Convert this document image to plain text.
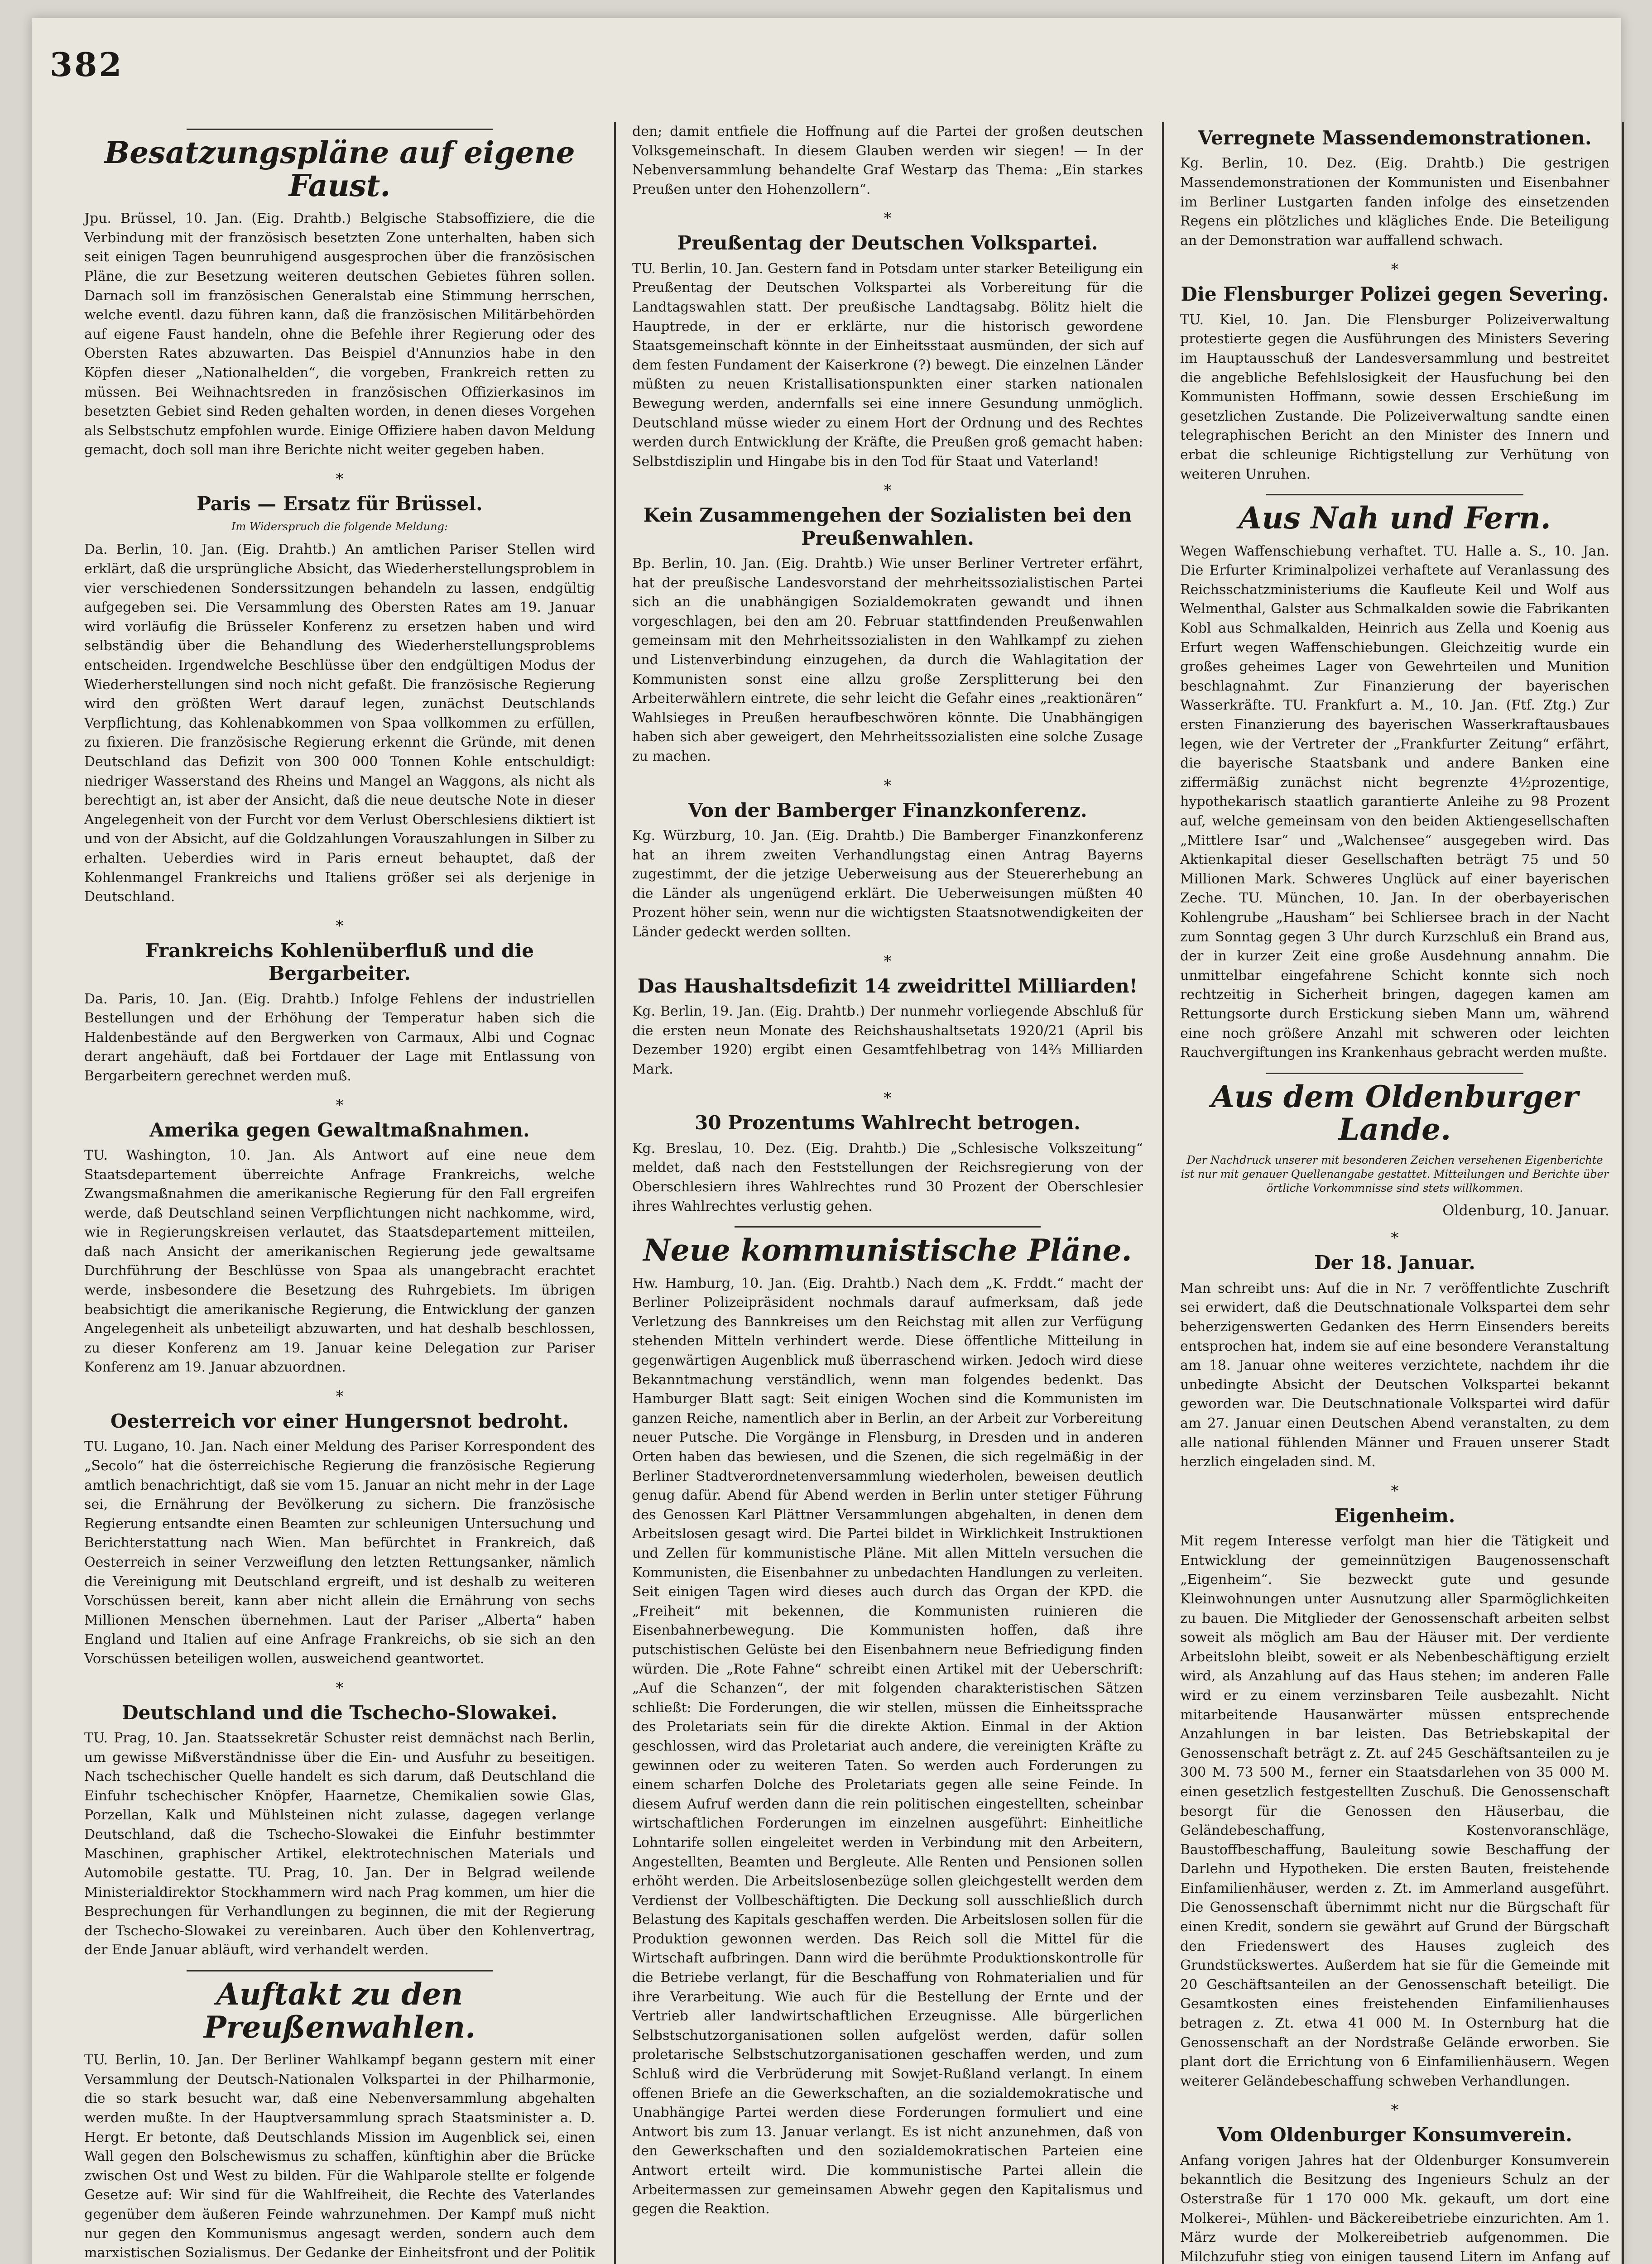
382
Besatzungspläne auf eigene Faust.

Jpu. Brüssel, 10. Jan. (Eig. Drahtb.) Belgische Stabsoffiziere, die die Verbindung mit der französisch besetzten Zone unterhalten, haben sich seit einigen Tagen beunruhigend ausgesprochen über die französischen Pläne, die zur Besetzung weiteren deutschen Gebietes führen sollen. Darnach soll im französischen Generalstab eine Stimmung herrschen, welche eventl. dazu führen kann, daß die französischen Militärbehörden auf eigene Faust handeln, ohne die Befehle ihrer Regierung oder des Obersten Rates abzuwarten. Das Beispiel d'Annunzios habe in den Köpfen dieser „Nationalhelden“, die vorgeben, Frankreich retten zu müssen. Bei Weihnachtsreden in französischen Offizierkasinos im besetzten Gebiet sind Reden gehalten worden, in denen dieses Vorgehen als Selbstschutz empfohlen wurde. Einige Offiziere haben davon Meldung gemacht, doch soll man ihre Berichte nicht weiter gegeben haben.

*
Paris — Ersatz für Brüssel.

Im Widerspruch die folgende Meldung:

Da. Berlin, 10. Jan. (Eig. Drahtb.) An amtlichen Pariser Stellen wird erklärt, daß die ursprüngliche Absicht, das Wiederherstellungsproblem in vier verschiedenen Sonderssitzungen behandeln zu lassen, endgültig aufgegeben sei. Die Versammlung des Obersten Rates am 19. Januar wird vorläufig die Brüsseler Konferenz zu ersetzen haben und wird selbständig über die Behandlung des Wiederherstellungsproblems entscheiden. Irgendwelche Beschlüsse über den endgültigen Modus der Wiederherstellungen sind noch nicht gefaßt. Die französische Regierung wird den größten Wert darauf legen, zunächst Deutschlands Verpflichtung, das Kohlenabkommen von Spaa vollkommen zu erfüllen, zu fixieren. Die französische Regierung erkennt die Gründe, mit denen Deutschland das Defizit von 300 000 Tonnen Kohle entschuldigt: niedriger Wasserstand des Rheins und Mangel an Waggons, als nicht als berechtigt an, ist aber der Ansicht, daß die neue deutsche Note in dieser Angelegenheit von der Furcht vor dem Verlust Oberschlesiens diktiert ist und von der Absicht, auf die Goldzahlungen Vorauszahlungen in Silber zu erhalten. Ueberdies wird in Paris erneut behauptet, daß der Kohlenmangel Frankreichs und Italiens größer sei als derjenige in Deutschland.

*
Frankreichs Kohlenüberfluß und die Bergarbeiter.

Da. Paris, 10. Jan. (Eig. Drahtb.) Infolge Fehlens der industriellen Bestellungen und der Erhöhung der Temperatur haben sich die Haldenbestände auf den Bergwerken von Carmaux, Albi und Cognac derart angehäuft, daß bei Fortdauer der Lage mit Entlassung von Bergarbeitern gerechnet werden muß.

*
Amerika gegen Gewaltmaßnahmen.

TU. Washington, 10. Jan. Als Antwort auf eine neue dem Staatsdepartement überreichte Anfrage Frankreichs, welche Zwangsmaßnahmen die amerikanische Regierung für den Fall ergreifen werde, daß Deutschland seinen Verpflichtungen nicht nachkomme, wird, wie in Regierungskreisen verlautet, das Staatsdepartement mitteilen, daß nach Ansicht der amerikanischen Regierung jede gewaltsame Durchführung der Beschlüsse von Spaa als unangebracht erachtet werde, insbesondere die Besetzung des Ruhrgebiets. Im übrigen beabsichtigt die amerikanische Regierung, die Entwicklung der ganzen Angelegenheit als unbeteiligt abzuwarten, und hat deshalb beschlossen, zu dieser Konferenz am 19. Januar keine Delegation zur Pariser Konferenz am 19. Januar abzuordnen.

*
Oesterreich vor einer Hungersnot bedroht.

TU. Lugano, 10. Jan. Nach einer Meldung des Pariser Korrespondent des „Secolo“ hat die österreichische Regierung die französische Regierung amtlich benachrichtigt, daß sie vom 15. Januar an nicht mehr in der Lage sei, die Ernährung der Bevölkerung zu sichern. Die französische Regierung entsandte einen Beamten zur schleunigen Untersuchung und Berichterstattung nach Wien. Man befürchtet in Frankreich, daß Oesterreich in seiner Verzweiflung den letzten Rettungsanker, nämlich die Vereinigung mit Deutschland ergreift, und ist deshalb zu weiteren Vorschüssen bereit, kann aber nicht allein die Ernährung von sechs Millionen Menschen übernehmen. Laut der Pariser „Alberta“ haben England und Italien auf eine Anfrage Frankreichs, ob sie sich an den Vorschüssen beteiligen wollen, ausweichend geantwortet.

*
Deutschland und die Tschecho-Slowakei.

TU. Prag, 10. Jan. Staatssekretär Schuster reist demnächst nach Berlin, um gewisse Mißverständnisse über die Ein- und Ausfuhr zu beseitigen. Nach tschechischer Quelle handelt es sich darum, daß Deutschland die Einfuhr tschechischer Knöpfer, Haarnetze, Chemikalien sowie Glas, Porzellan, Kalk und Mühlsteinen nicht zulasse, dagegen verlange Deutschland, daß die Tschecho-Slowakei die Einfuhr bestimmter Maschinen, graphischer Artikel, elektrotechnischen Materials und Automobile gestatte. TU. Prag, 10. Jan. Der in Belgrad weilende Ministerialdirektor Stockhammern wird nach Prag kommen, um hier die Besprechungen für Verhandlungen zu beginnen, die mit der Regierung der Tschecho-Slowakei zu vereinbaren. Auch über den Kohlenvertrag, der Ende Januar abläuft, wird verhandelt werden.

Auftakt zu den Preußenwahlen.

TU. Berlin, 10. Jan. Der Berliner Wahlkampf begann gestern mit einer Versammlung der Deutsch-Nationalen Volkspartei in der Philharmonie, die so stark besucht war, daß eine Nebenversammlung abgehalten werden mußte. In der Hauptversammlung sprach Staatsminister a. D. Hergt. Er betonte, daß Deutschlands Mission im Augenblick sei, einen Wall gegen den Bolschewismus zu schaffen, künftighin aber die Brücke zwischen Ost und West zu bilden. Für die Wahlparole stellte er folgende Gesetze auf: Wir sind für die Wahlfreiheit, die Rechte des Vaterlandes gegenüber dem äußeren Feinde wahrzunehmen. Der Kampf muß nicht nur gegen den Kommunismus angesagt werden, sondern auch dem marxistischen Sozialismus. Der Gedanke der Einheitsfront und der Politik

den; damit entfiele die Hoffnung auf die Partei der großen deutschen Volksgemeinschaft. In diesem Glauben werden wir siegen! — In der Nebenversammlung behandelte Graf Westarp das Thema: „Ein starkes Preußen unter den Hohenzollern“.

*
Preußentag der Deutschen Volkspartei.

TU. Berlin, 10. Jan. Gestern fand in Potsdam unter starker Beteiligung ein Preußentag der Deutschen Volkspartei als Vorbereitung für die Landtagswahlen statt. Der preußische Landtagsabg. Bölitz hielt die Hauptrede, in der er erklärte, nur die historisch gewordene Staatsgemeinschaft könnte in der Einheitsstaat ausmünden, der sich auf dem festen Fundament der Kaiserkrone (?) bewegt. Die einzelnen Länder müßten zu neuen Kristallisationspunkten einer starken nationalen Bewegung werden, andernfalls sei eine innere Gesundung unmöglich. Deutschland müsse wieder zu einem Hort der Ordnung und des Rechtes werden durch Entwicklung der Kräfte, die Preußen groß gemacht haben: Selbstdisziplin und Hingabe bis in den Tod für Staat und Vaterland!

*
Kein Zusammengehen der Sozialisten bei den Preußenwahlen.

Bp. Berlin, 10. Jan. (Eig. Drahtb.) Wie unser Berliner Vertreter erfährt, hat der preußische Landesvorstand der mehrheitssozialistischen Partei sich an die unabhängigen Sozialdemokraten gewandt und ihnen vorgeschlagen, bei den am 20. Februar stattfindenden Preußenwahlen gemeinsam mit den Mehrheitssozialisten in den Wahlkampf zu ziehen und Listenverbindung einzugehen, da durch die Wahlagitation der Kommunisten sonst eine allzu große Zersplitterung bei den Arbeiterwählern eintrete, die sehr leicht die Gefahr eines „reaktionären“ Wahlsieges in Preußen heraufbeschwören könnte. Die Unabhängigen haben sich aber geweigert, den Mehrheitssozialisten eine solche Zusage zu machen.

*
Von der Bamberger Finanzkonferenz.

Kg. Würzburg, 10. Jan. (Eig. Drahtb.) Die Bamberger Finanzkonferenz hat an ihrem zweiten Verhandlungstag einen Antrag Bayerns zugestimmt, der die jetzige Ueberweisung aus der Steuererhebung an die Länder als ungenügend erklärt. Die Ueberweisungen müßten 40 Prozent höher sein, wenn nur die wichtigsten Staatsnotwendigkeiten der Länder gedeckt werden sollten.

*
Das Haushaltsdefizit 14 zweidrittel Milliarden!

Kg. Berlin, 19. Jan. (Eig. Drahtb.) Der nunmehr vorliegende Abschluß für die ersten neun Monate des Reichshaushaltsetats 1920/21 (April bis Dezember 1920) ergibt einen Gesamtfehlbetrag von 14⅔ Milliarden Mark.

*
30 Prozentums Wahlrecht betrogen.

Kg. Breslau, 10. Dez. (Eig. Drahtb.) Die „Schlesische Volkszeitung“ meldet, daß nach den Feststellungen der Reichsregierung von der Oberschlesiern ihres Wahlrechtes rund 30 Prozent der Oberschlesier ihres Wahlrechtes verlustig gehen.

Neue kommunistische Pläne.

Hw. Hamburg, 10. Jan. (Eig. Drahtb.) Nach dem „K. Frddt.“ macht der Berliner Polizeipräsident nochmals darauf aufmerksam, daß jede Verletzung des Bannkreises um den Reichstag mit allen zur Verfügung stehenden Mitteln verhindert werde. Diese öffentliche Mitteilung in gegenwärtigen Augenblick muß überraschend wirken. Jedoch wird diese Bekanntmachung verständlich, wenn man folgendes bedenkt. Das Hamburger Blatt sagt: Seit einigen Wochen sind die Kommunisten im ganzen Reiche, namentlich aber in Berlin, an der Arbeit zur Vorbereitung neuer Putsche. Die Vorgänge in Flensburg, in Dresden und in anderen Orten haben das bewiesen, und die Szenen, die sich regelmäßig in der Berliner Stadtverordnetenversammlung wiederholen, beweisen deutlich genug dafür. Abend für Abend werden in Berlin unter stetiger Führung des Genossen Karl Plättner Versammlungen abgehalten, in denen dem Arbeitslosen gesagt wird. Die Partei bildet in Wirklichkeit Instruktionen und Zellen für kommunistische Pläne. Mit allen Mitteln versuchen die Kommunisten, die Eisenbahner zu unbedachten Handlungen zu verleiten. Seit einigen Tagen wird dieses auch durch das Organ der KPD. die „Freiheit“ mit bekennen, die Kommunisten ruinieren die Eisenbahnerbewegung. Die Kommunisten hoffen, daß ihre putschistischen Gelüste bei den Eisenbahnern neue Befriedigung finden würden. Die „Rote Fahne“ schreibt einen Artikel mit der Ueberschrift: „Auf die Schanzen“, der mit folgenden charakteristischen Sätzen schließt: Die Forderungen, die wir stellen, müssen die Einheitssprache des Proletariats sein für die direkte Aktion. Einmal in der Aktion geschlossen, wird das Proletariat auch andere, die vereinigten Kräfte zu gewinnen oder zu weiteren Taten. So werden auch Forderungen zu einem scharfen Dolche des Proletariats gegen alle seine Feinde. In diesem Aufruf werden dann die rein politischen eingestellten, scheinbar wirtschaftlichen Forderungen im einzelnen ausgeführt: Einheitliche Lohntarife sollen eingeleitet werden in Verbindung mit den Arbeitern, Angestellten, Beamten und Bergleute. Alle Renten und Pensionen sollen erhöht werden. Die Arbeitslosenbezüge sollen gleichgestellt werden dem Verdienst der Vollbeschäftigten. Die Deckung soll ausschließlich durch Belastung des Kapitals geschaffen werden. Die Arbeitslosen sollen für die Produktion gewonnen werden. Das Reich soll die Mittel für die Wirtschaft aufbringen. Dann wird die berühmte Produktionskontrolle für die Betriebe verlangt, für die Beschaffung von Rohmaterialien und für ihre Verarbeitung. Wie auch für die Bestellung der Ernte und der Vertrieb aller landwirtschaftlichen Erzeugnisse. Alle bürgerlichen Selbstschutzorganisationen sollen aufgelöst werden, dafür sollen proletarische Selbstschutzorganisationen geschaffen werden, und zum Schluß wird die Verbrüderung mit Sowjet-Rußland verlangt. In einem offenen Briefe an die Gewerkschaften, an die sozialdemokratische und Unabhängige Partei werden diese Forderungen formuliert und eine Antwort bis zum 13. Januar verlangt. Es ist nicht anzunehmen, daß von den Gewerkschaften und den sozialdemokratischen Parteien eine Antwort erteilt wird. Die kommunistische Partei allein die Arbeitermassen zur gemeinsamen Abwehr gegen den Kapitalismus und gegen die Reaktion.

Verregnete Massendemonstrationen.

Kg. Berlin, 10. Dez. (Eig. Drahtb.) Die gestrigen Massendemonstrationen der Kommunisten und Eisenbahner im Berliner Lustgarten fanden infolge des einsetzenden Regens ein plötzliches und klägliches Ende. Die Beteiligung an der Demonstration war auffallend schwach.

*
Die Flensburger Polizei gegen Severing.

TU. Kiel, 10. Jan. Die Flensburger Polizeiverwaltung protestierte gegen die Ausführungen des Ministers Severing im Hauptausschuß der Landesversammlung und bestreitet die angebliche Befehlslosigkeit der Hausfuchung bei den Kommunisten Hoffmann, sowie dessen Erschießung im gesetzlichen Zustande. Die Polizeiverwaltung sandte einen telegraphischen Bericht an den Minister des Innern und erbat die schleunige Richtigstellung zur Verhütung von weiteren Unruhen.

Aus Nah und Fern.

Wegen Waffenschiebung verhaftet. TU. Halle a. S., 10. Jan. Die Erfurter Kriminalpolizei verhaftete auf Veranlassung des Reichsschatzministeriums die Kaufleute Keil und Wolf aus Welmenthal, Galster aus Schmalkalden sowie die Fabrikanten Kobl aus Schmalkalden, Heinrich aus Zella und Koenig aus Erfurt wegen Waffenschiebungen. Gleichzeitig wurde ein großes geheimes Lager von Gewehrteilen und Munition beschlagnahmt. Zur Finanzierung der bayerischen Wasserkräfte. TU. Frankfurt a. M., 10. Jan. (Ftf. Ztg.) Zur ersten Finanzierung des bayerischen Wasserkraftausbaues legen, wie der Vertreter der „Frankfurter Zeitung“ erfährt, die bayerische Staatsbank und andere Banken eine ziffermäßig zunächst nicht begrenzte 4½prozentige, hypothekarisch staatlich garantierte Anleihe zu 98 Prozent auf, welche gemeinsam von den beiden Aktiengesellschaften „Mittlere Isar“ und „Walchensee“ ausgegeben wird. Das Aktienkapital dieser Gesellschaften beträgt 75 und 50 Millionen Mark. Schweres Unglück auf einer bayerischen Zeche. TU. München, 10. Jan. In der oberbayerischen Kohlengrube „Hausham“ bei Schliersee brach in der Nacht zum Sonntag gegen 3 Uhr durch Kurzschluß ein Brand aus, der in kurzer Zeit eine große Ausdehnung annahm. Die unmittelbar eingefahrene Schicht konnte sich noch rechtzeitig in Sicherheit bringen, dagegen kamen am Rettungsorte durch Erstickung sieben Mann um, während eine noch größere Anzahl mit schweren oder leichten Rauchvergiftungen ins Krankenhaus gebracht werden mußte.

Aus dem Oldenburger Lande.

Der Nachdruck unserer mit besonderen Zeichen versehenen Eigenberichte ist nur mit genauer Quellenangabe gestattet. Mitteilungen und Berichte über örtliche Vorkommnisse sind stets willkommen.

Oldenburg, 10. Januar.
*
Der 18. Januar.

Man schreibt uns: Auf die in Nr. 7 veröffentlichte Zuschrift sei erwidert, daß die Deutschnationale Volkspartei dem sehr beherzigenswerten Gedanken des Herrn Einsenders bereits entsprochen hat, indem sie auf eine besondere Veranstaltung am 18. Januar ohne weiteres verzichtete, nachdem ihr die unbedingte Absicht der Deutschen Volkspartei bekannt geworden war. Die Deutschnationale Volkspartei wird dafür am 27. Januar einen Deutschen Abend veranstalten, zu dem alle national fühlenden Männer und Frauen unserer Stadt herzlich eingeladen sind. M.

*
Eigenheim.

Mit regem Interesse verfolgt man hier die Tätigkeit und Entwicklung der gemeinnützigen Baugenossenschaft „Eigenheim“. Sie bezweckt gute und gesunde Kleinwohnungen unter Ausnutzung aller Sparmöglichkeiten zu bauen. Die Mitglieder der Genossenschaft arbeiten selbst soweit als möglich am Bau der Häuser mit. Der verdiente Arbeitslohn bleibt, soweit er als Nebenbeschäftigung erzielt wird, als Anzahlung auf das Haus stehen; im anderen Falle wird er zu einem verzinsbaren Teile ausbezahlt. Nicht mitarbeitende Hausanwärter müssen entsprechende Anzahlungen in bar leisten. Das Betriebskapital der Genossenschaft beträgt z. Zt. auf 245 Geschäftsanteilen zu je 300 M. 73 500 M., ferner ein Staatsdarlehen von 35 000 M. einen gesetzlich festgestellten Zuschuß. Die Genossenschaft besorgt für die Genossen den Häuserbau, die Geländebeschaffung, Kostenvoranschläge, Baustoffbeschaffung, Bauleitung sowie Beschaffung der Darlehn und Hypotheken. Die ersten Bauten, freistehende Einfamilienhäuser, werden z. Zt. im Ammerland ausgeführt. Die Genossenschaft übernimmt nicht nur die Bürgschaft für einen Kredit, sondern sie gewährt auf Grund der Bürgschaft den Friedenswert des Hauses zugleich des Grundstückswertes. Außerdem hat sie für die Gemeinde mit 20 Geschäftsanteilen an der Genossenschaft beteiligt. Die Gesamtkosten eines freistehenden Einfamilienhauses betragen z. Zt. etwa 41 000 M. In Osternburg hat die Genossenschaft an der Nordstraße Gelände erworben. Sie plant dort die Errichtung von 6 Einfamilienhäusern. Wegen weiterer Geländebeschaffung schweben Verhandlungen.

*
Vom Oldenburger Konsumverein.

Anfang vorigen Jahres hat der Oldenburger Konsumverein bekanntlich die Besitzung des Ingenieurs Schulz an der Osterstraße für 1 170 000 Mk. gekauft, um dort eine Molkerei-, Mühlen- und Bäckereibetriebe einzurichten. Am 1. März wurde der Molkereibetrieb aufgenommen. Die Milchzufuhr stieg von einigen tausend Litern im Anfang auf
